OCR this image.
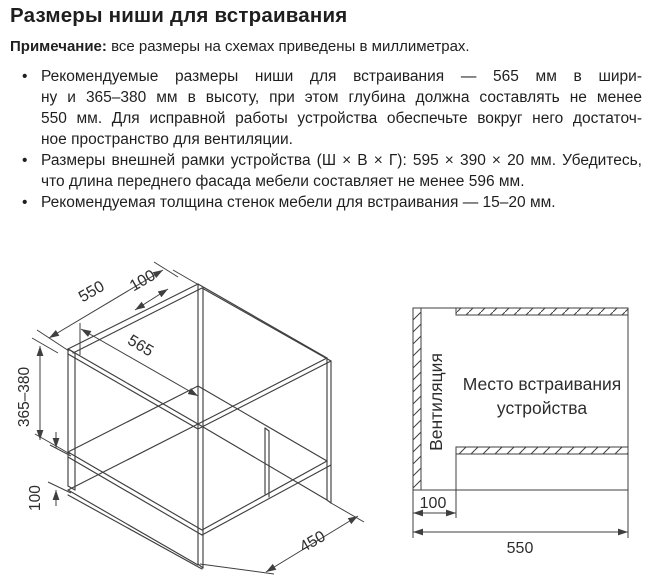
Размеры ниши для встраивания
Примечание: все размеры на схемах приведены в миллиметрах.
• Рекомендуемые размеры ниши для встраивания — 565 мм в шири-
ну и 365–380 мм в высоту, при этом глубина должна составлять не менее
550 мм. Для исправной работы устройства обеспечьте вокруг него достаточ-
ное пространство для вентиляции.
• Размеры внешней рамки устройства (Ш × В × Г): 595 × 390 × 20 мм. Убедитесь,
что длина переднего фасада мебели составляет не менее 596 мм.
• Рекомендуемая толщина стенок мебели для встраивания — 15–20 мм.
550 100
565
365–380
100
450
Вентиляция Место встраивания
устройства
100
550
